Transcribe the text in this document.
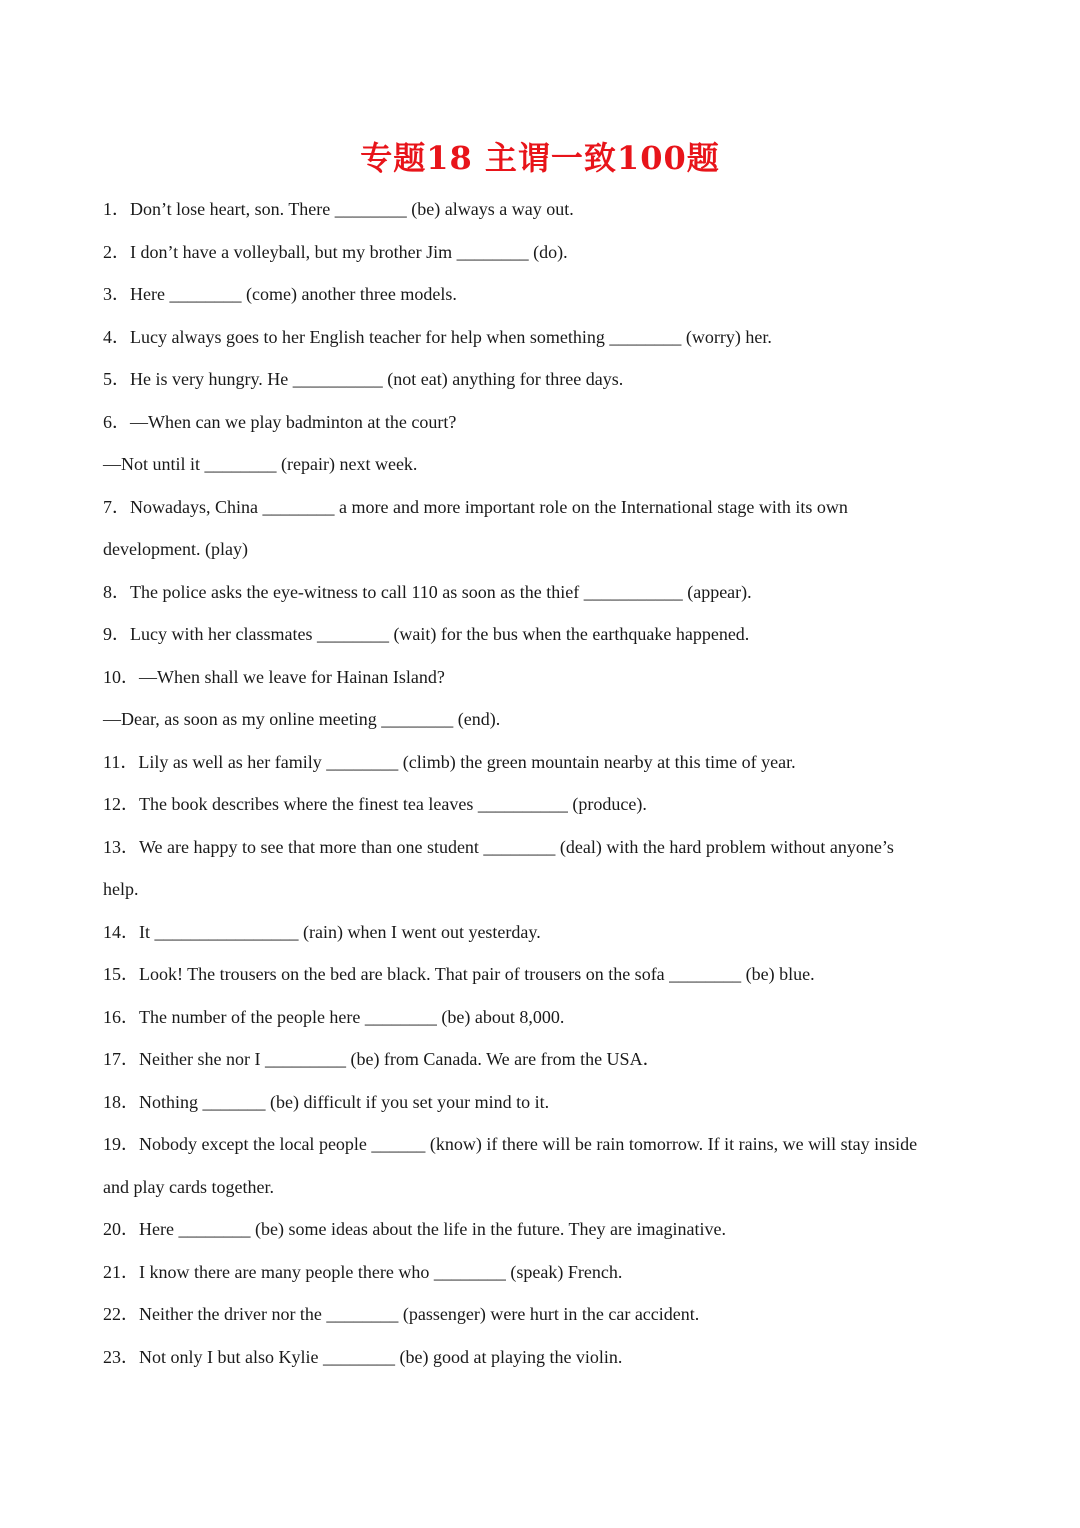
专题18 主谓一致100题
1．Don’t lose heart, son. There ________ (be) always a way out.
2．I don’t have a volleyball, but my brother Jim ________ (do).
3．Here ________ (come) another three models.
4．Lucy always goes to her English teacher for help when something ________ (worry) her.
5．He is very hungry. He __________ (not eat) anything for three days.
6．—When can we play badminton at the court?
—Not until it ________ (repair) next week.
7．Nowadays, China ________ a more and more important role on the International stage with its own
development. (play)
8．The police asks the eye-witness to call 110 as soon as the thief ___________ (appear).
9．Lucy with her classmates ________ (wait) for the bus when the earthquake happened.
10．—When shall we leave for Hainan Island?
—Dear, as soon as my online meeting ________ (end).
11．Lily as well as her family ________ (climb) the green mountain nearby at this time of year.
12．The book describes where the finest tea leaves __________ (produce).
13．We are happy to see that more than one student ________ (deal) with the hard problem without anyone’s
help.
14．It ________________ (rain) when I went out yesterday.
15．Look! The trousers on the bed are black. That pair of trousers on the sofa ________ (be) blue.
16．The number of the people here ________ (be) about 8,000.
17．Neither she nor I _________ (be) from Canada. We are from the USA．
18．Nothing _______ (be) difficult if you set your mind to it.
19．Nobody except the local people ______ (know) if there will be rain tomorrow. If it rains, we will stay inside
and play cards together.
20．Here ________ (be) some ideas about the life in the future. They are imaginative.
21．I know there are many people there who ________ (speak) French.
22．Neither the driver nor the ________ (passenger) were hurt in the car accident.
23．Not only I but also Kylie ________ (be) good at playing the violin.
